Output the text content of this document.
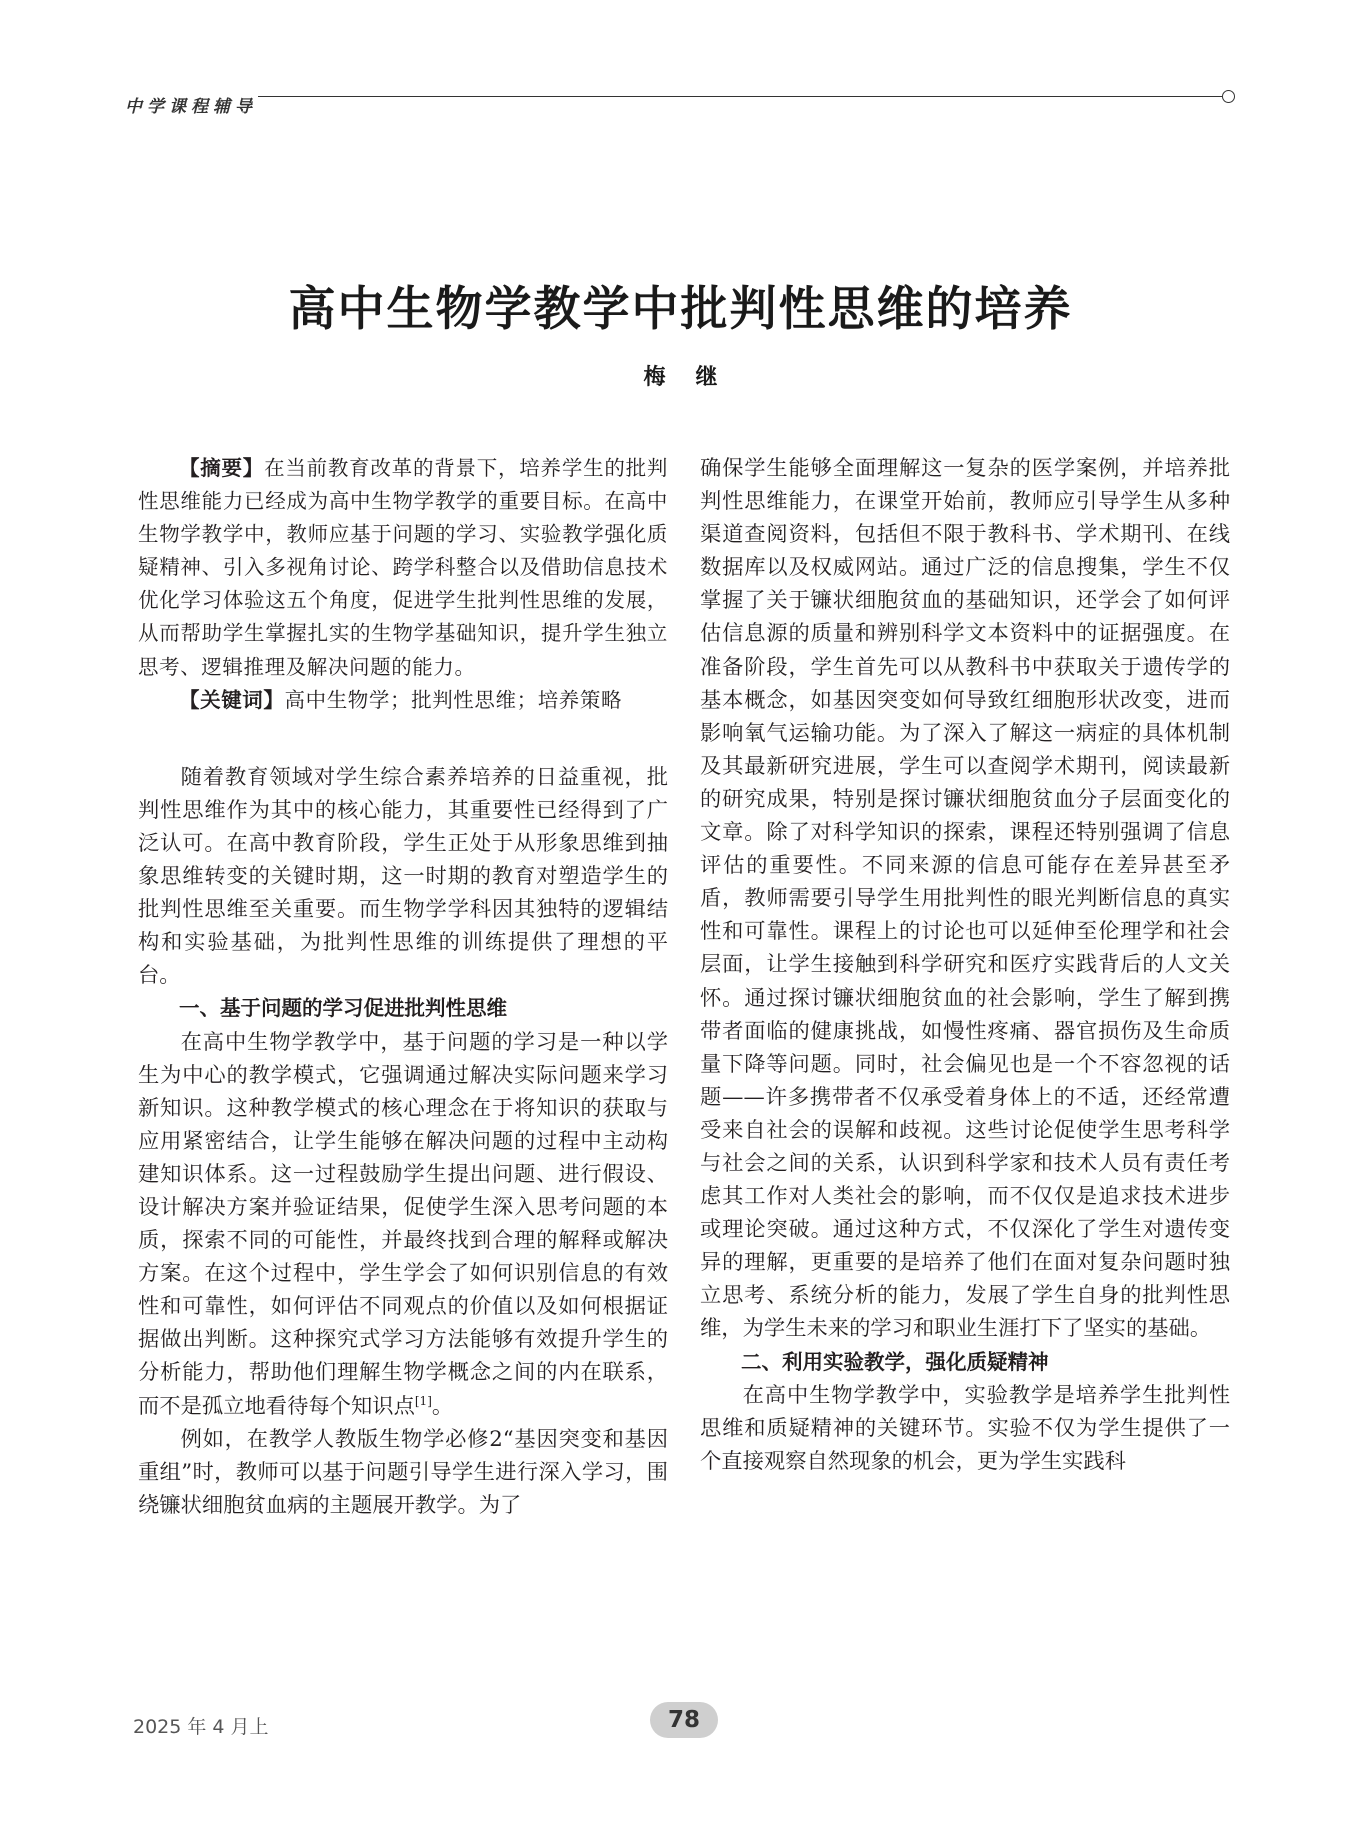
中学课程辅导
高中生物学教学中批判性思维的培养
梅继

【摘要】在当前教育改革的背景下，培养学生的批判性思维能力已经成为高中生物学教学的重要目标。在高中生物学教学中，教师应基于问题的学习、实验教学强化质疑精神、引入多视角讨论、跨学科整合以及借助信息技术优化学习体验这五个角度，促进学生批判性思维的发展，从而帮助学生掌握扎实的生物学基础知识，提升学生独立思考、逻辑推理及解决问题的能力。

【关键词】高中生物学；批判性思维；培养策略

随着教育领域对学生综合素养培养的日益重视，批判性思维作为其中的核心能力，其重要性已经得到了广泛认可。在高中教育阶段，学生正处于从形象思维到抽象思维转变的关键时期，这一时期的教育对塑造学生的批判性思维至关重要。而生物学学科因其独特的逻辑结构和实验基础，为批判性思维的训练提供了理想的平台。

一、基于问题的学习促进批判性思维

在高中生物学教学中，基于问题的学习是一种以学生为中心的教学模式，它强调通过解决实际问题来学习新知识。这种教学模式的核心理念在于将知识的获取与应用紧密结合，让学生能够在解决问题的过程中主动构建知识体系。这一过程鼓励学生提出问题、进行假设、设计解决方案并验证结果，促使学生深入思考问题的本质，探索不同的可能性，并最终找到合理的解释或解决方案。在这个过程中，学生学会了如何识别信息的有效性和可靠性，如何评估不同观点的价值以及如何根据证据做出判断。这种探究式学习方法能够有效提升学生的分析能力，帮助他们理解生物学概念之间的内在联系，而不是孤立地看待每个知识点[1]。

例如，在教学人教版生物学必修2“基因突变和基因重组”时，教师可以基于问题引导学生进行深入学习，围绕镰状细胞贫血病的主题展开教学。为了

确保学生能够全面理解这一复杂的医学案例，并培养批判性思维能力，在课堂开始前，教师应引导学生从多种渠道查阅资料，包括但不限于教科书、学术期刊、在线数据库以及权威网站。通过广泛的信息搜集，学生不仅掌握了关于镰状细胞贫血的基础知识，还学会了如何评估信息源的质量和辨别科学文本资料中的证据强度。在准备阶段，学生首先可以从教科书中获取关于遗传学的基本概念，如基因突变如何导致红细胞形状改变，进而影响氧气运输功能。为了深入了解这一病症的具体机制及其最新研究进展，学生可以查阅学术期刊，阅读最新的研究成果，特别是探讨镰状细胞贫血分子层面变化的文章。除了对科学知识的探索，课程还特别强调了信息评估的重要性。不同来源的信息可能存在差异甚至矛盾，教师需要引导学生用批判性的眼光判断信息的真实性和可靠性。课程上的讨论也可以延伸至伦理学和社会层面，让学生接触到科学研究和医疗实践背后的人文关怀。通过探讨镰状细胞贫血的社会影响，学生了解到携带者面临的健康挑战，如慢性疼痛、器官损伤及生命质量下降等问题。同时，社会偏见也是一个不容忽视的话题——许多携带者不仅承受着身体上的不适，还经常遭受来自社会的误解和歧视。这些讨论促使学生思考科学与社会之间的关系，认识到科学家和技术人员有责任考虑其工作对人类社会的影响，而不仅仅是追求技术进步或理论突破。通过这种方式，不仅深化了学生对遗传变异的理解，更重要的是培养了他们在面对复杂问题时独立思考、系统分析的能力，发展了学生自身的批判性思维，为学生未来的学习和职业生涯打下了坚实的基础。

二、利用实验教学，强化质疑精神

在高中生物学教学中，实验教学是培养学生批判性思维和质疑精神的关键环节。实验不仅为学生提供了一个直接观察自然现象的机会，更为学生实践科

2025 年 4 月上	78
